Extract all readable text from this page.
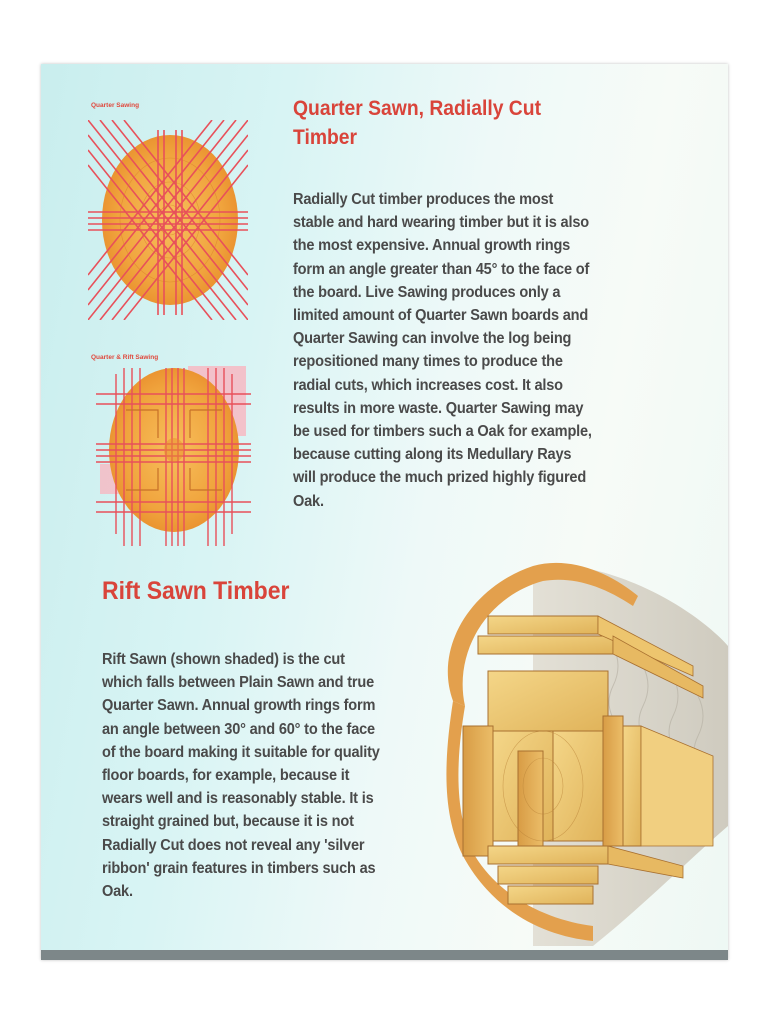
Quarter Sawing	Quarter Sawn, Radially Cut Timber

Radially Cut timber produces the most stable and hard wearing timber but it is also the most expensive. Annual growth rings form an angle greater than 45° to the face of the board. Live Sawing produces only a limited amount of Quarter Sawn boards and Quarter Sawing can involve the log being repositioned many times to produce the radial cuts, which increases cost. It also results in more waste. Quarter Sawing may be used for timbers such a Oak for example, because cutting along its Medullary Rays will produce the much prized highly figured Oak.

Quarter & Rift Sawing
Rift Sawn Timber

Rift Sawn (shown shaded) is the cut which falls between Plain Sawn and true Quarter Sawn. Annual growth rings form an angle between 30° and 60° to the face of the board making it suitable for quality floor boards, for example, because it wears well and is reasonably stable. It is straight grained but, because it is not Radially Cut does not reveal any 'silver ribbon' grain features in timbers such as Oak.
